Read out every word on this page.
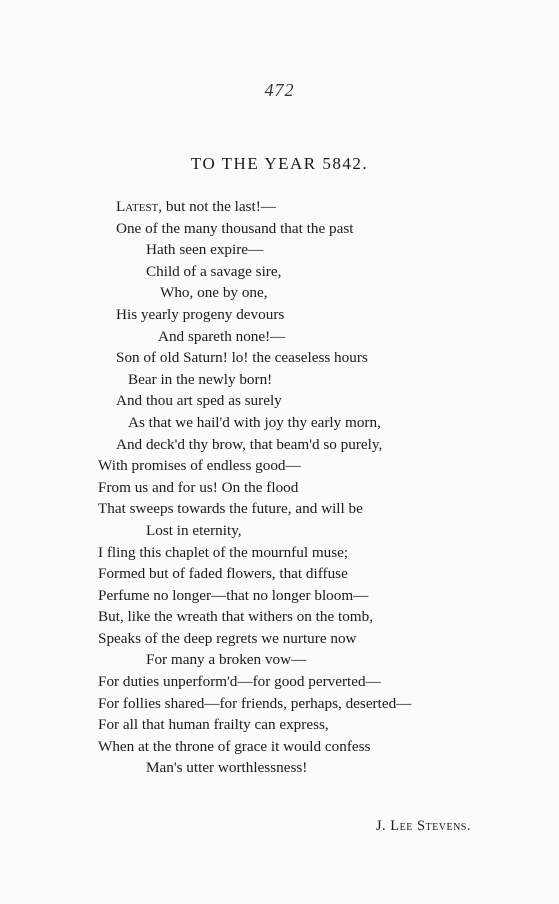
472
TO THE YEAR 5842.
Latest, but not the last!—
One of the many thousand that the past
Hath seen expire—
Child of a savage sire,
Who, one by one,
His yearly progeny devours
And spareth none!—
Son of old Saturn! lo! the ceaseless hours
Bear in the newly born!
And thou art sped as surely
As that we hail'd with joy thy early morn,
And deck'd thy brow, that beam'd so purely,
With promises of endless good—
From us and for us! On the flood
That sweeps towards the future, and will be
Lost in eternity,
I fling this chaplet of the mournful muse;
Formed but of faded flowers, that diffuse
Perfume no longer—that no longer bloom—
But, like the wreath that withers on the tomb,
Speaks of the deep regrets we nurture now
For many a broken vow—
For duties unperform'd—for good perverted—
For follies shared—for friends, perhaps, deserted—
For all that human frailty can express,
When at the throne of grace it would confess
Man's utter worthlessness!
J. Lee Stevens.
